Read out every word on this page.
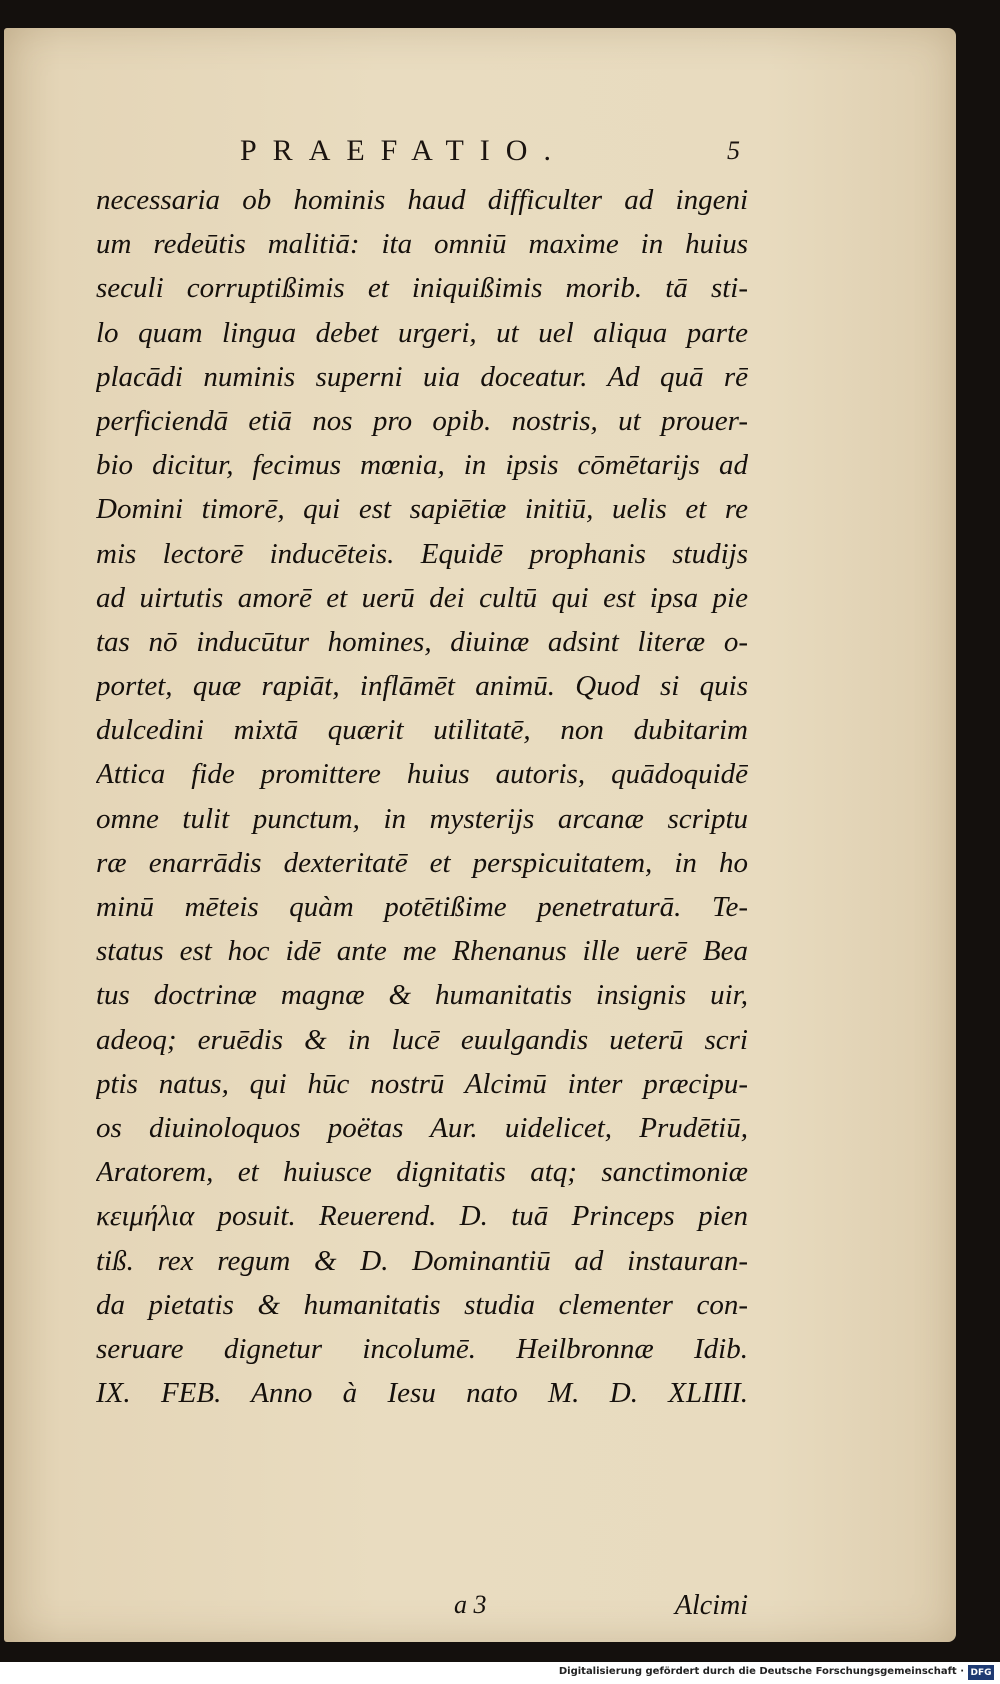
PRAEFATIO.	5
necessaria ob hominis haud difficulter ad ingeni
um redeūtis malitiā: ita omniū maxime in huius
seculi corruptißimis et iniquißimis morib. tā sti-
lo quam lingua debet urgeri, ut uel aliqua parte
placādi numinis superni uia doceatur. Ad quā rē
perficiendā etiā nos pro opib. nostris, ut prouer-
bio dicitur, fecimus mœnia, in ipsis cōmētarijs ad
Domini timorē, qui est sapiētiæ initiū, uelis et re
mis lectorē inducēteis. Equidē prophanis studijs
ad uirtutis amorē et uerū dei cultū qui est ipsa pie
tas nō inducūtur homines, diuinæ adsint literæ o-
portet, quæ rapiāt, inflāmēt animū. Quod si quis
dulcedini mixtā quærit utilitatē, non dubitarim
Attica fide promittere huius autoris, quādoquidē
omne tulit punctum, in mysterijs arcanæ scriptu
ræ enarrādis dexteritatē et perspicuitatem, in ho
minū mēteis quàm potētißime penetraturā. Te-
status est hoc idē ante me Rhenanus ille uerē Bea
tus doctrinæ magnæ & humanitatis insignis uir,
adeoq; eruēdis & in lucē euulgandis ueterū scri
ptis natus, qui hūc nostrū Alcimū inter præcipu-
os diuinoloquos poëtas Aur. uidelicet, Prudētiū,
Aratorem, et huiusce dignitatis atq; sanctimoniæ
κειμήλια posuit. Reuerend. D. tuā Princeps pien
tiß. rex regum & D. Dominantiū ad instauran-
da pietatis & humanitatis studia clementer con-
seruare dignetur incolumē. Heilbronnæ Idib.
IX. FEB. Anno à Iesu nato M. D. XLIIII.
a 3	Alcimi
Digitalisierung gefördert durch die Deutsche Forschungsgemeinschaft · DFG
